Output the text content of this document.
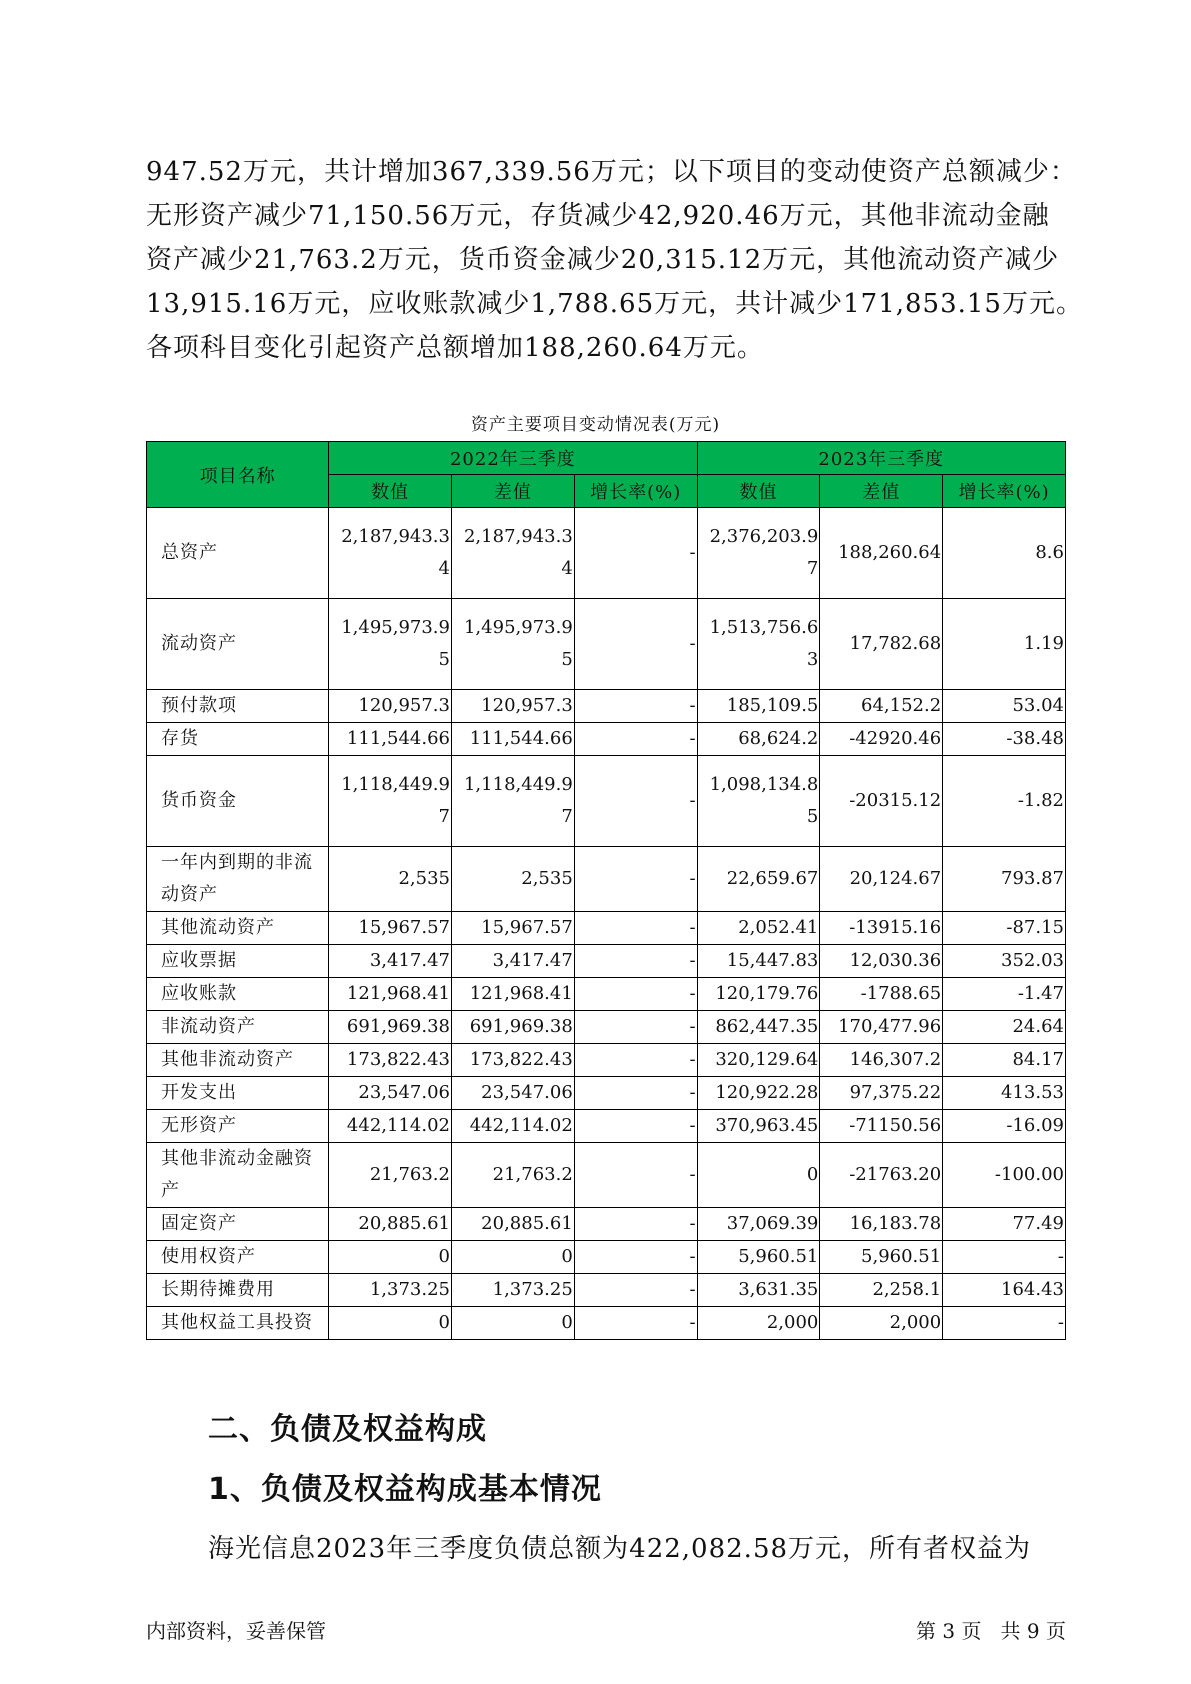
947.52万元，共计增加367,339.56万元；以下项目的变动使资产总额减少：

无形资产减少71,150.56万元，存货减少42,920.46万元，其他非流动金融

资产减少21,763.2万元，货币资金减少20,315.12万元，其他流动资产减少

13,915.16万元，应收账款减少1,788.65万元，共计减少171,853.15万元。

各项科目变化引起资产总额增加188,260.64万元。

资产主要项目变动情况表(万元)
项目名称	2022年三季度			2023年三季度		
	数值	差值	增长率(%)	数值	差值	增长率(%)
总资产	2,187,943.34	2,187,943.34	-	2,376,203.97	188,260.64	8.6
流动资产	1,495,973.95	1,495,973.95	-	1,513,756.63	17,782.68	1.19
预付款项	120,957.3	120,957.3	-	185,109.5	64,152.2	53.04
存货	111,544.66	111,544.66	-	68,624.2	-42920.46	-38.48
货币资金	1,118,449.97	1,118,449.97	-	1,098,134.85	-20315.12	-1.82
一年内到期的非流动资产	2,535	2,535	-	22,659.67	20,124.67	793.87
其他流动资产	15,967.57	15,967.57	-	2,052.41	-13915.16	-87.15
应收票据	3,417.47	3,417.47	-	15,447.83	12,030.36	352.03
应收账款	121,968.41	121,968.41	-	120,179.76	-1788.65	-1.47
非流动资产	691,969.38	691,969.38	-	862,447.35	170,477.96	24.64
其他非流动资产	173,822.43	173,822.43	-	320,129.64	146,307.2	84.17
开发支出	23,547.06	23,547.06	-	120,922.28	97,375.22	413.53
无形资产	442,114.02	442,114.02	-	370,963.45	-71150.56	-16.09
其他非流动金融资产	21,763.2	21,763.2	-	0	-21763.20	-100.00
固定资产	20,885.61	20,885.61	-	37,069.39	16,183.78	77.49
使用权资产	0	0	-	5,960.51	5,960.51	-
长期待摊费用	1,373.25	1,373.25	-	3,631.35	2,258.1	164.43
其他权益工具投资	0	0	-	2,000	2,000	-
二、负债及权益构成
1、负债及权益构成基本情况

海光信息2023年三季度负债总额为422,082.58万元，所有者权益为

内部资料，妥善保管	第 3 页   共 9 页
